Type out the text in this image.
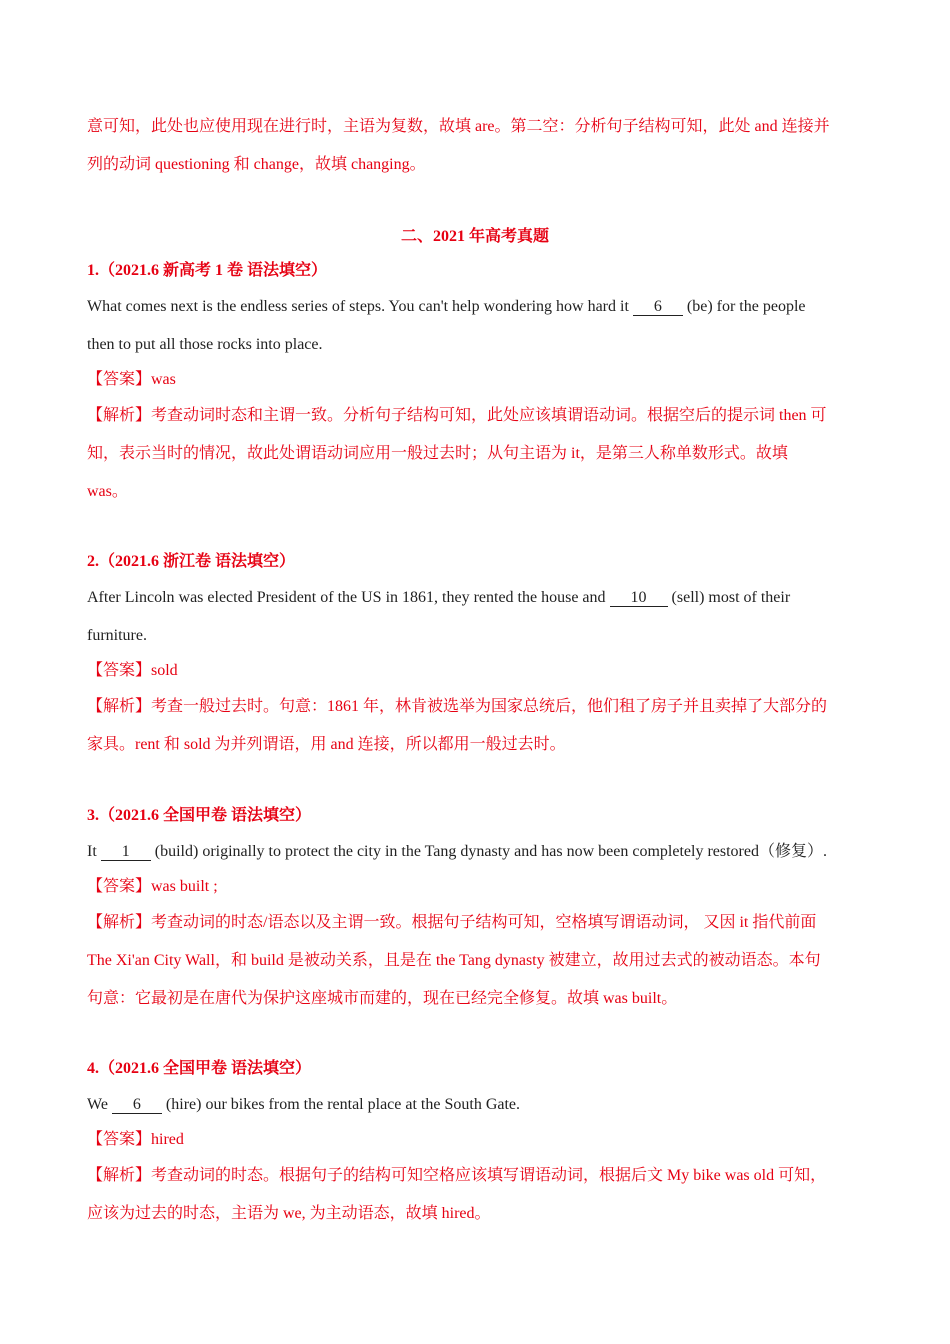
意可知，此处也应使用现在进行时，主语为复数，故填 are。第二空：分析句子结构可知，此处 and 连接并
列的动词 questioning 和 change，故填 changing。
二、2021 年高考真题
1.（2021.6 新高考 1 卷 语法填空）
What comes next is the endless series of steps. You can't help wondering how hard it 6 (be) for the people
then to put all those rocks into place.
【答案】was
【解析】考查动词时态和主谓一致。分析句子结构可知，此处应该填谓语动词。根据空后的提示词 then 可
知，表示当时的情况，故此处谓语动词应用一般过去时；从句主语为 it，是第三人称单数形式。故填
was。
2.（2021.6 浙江卷 语法填空）
After Lincoln was elected President of the US in 1861, they rented the house and 10 (sell) most of their
furniture.
【答案】sold
【解析】考查一般过去时。句意：1861 年，林肯被选举为国家总统后，他们租了房子并且卖掉了大部分的
家具。rent 和 sold 为并列谓语，用 and 连接，所以都用一般过去时。
3.（2021.6 全国甲卷 语法填空）
It 1 (build) originally to protect the city in the Tang dynasty and has now been completely restored（修复）.
【答案】was built ;
【解析】考查动词的时态/语态以及主谓一致。根据句子结构可知，空格填写谓语动词， 又因 it 指代前面
The Xi'an City Wall，和 build 是被动关系，且是在 the Tang dynasty 被建立，故用过去式的被动语态。本句
句意：它最初是在唐代为保护这座城市而建的，现在已经完全修复。故填 was built。
4.（2021.6 全国甲卷 语法填空）
We 6 (hire) our bikes from the rental place at the South Gate.
【答案】hired
【解析】考查动词的时态。根据句子的结构可知空格应该填写谓语动词，根据后文 My bike was old 可知，
应该为过去的时态，主语为 we, 为主动语态，故填 hired。
